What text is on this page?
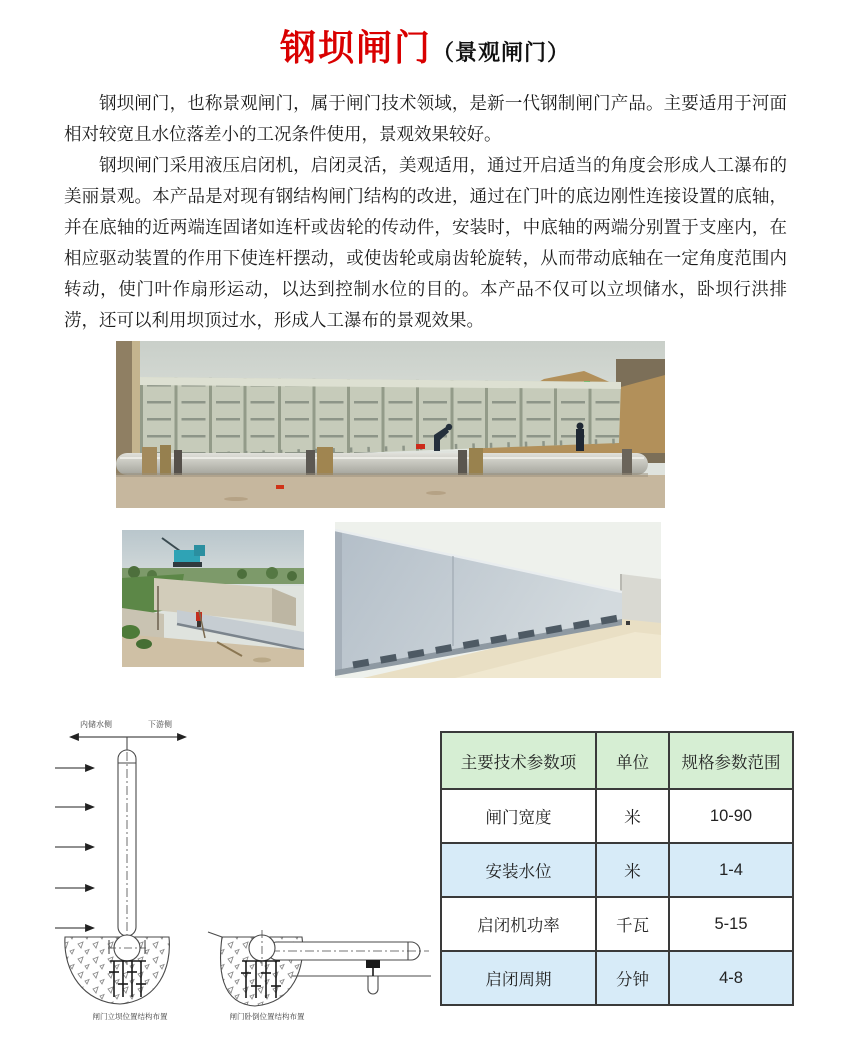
钢坝闸门（景观闸门）

钢坝闸门，也称景观闸门，属于闸门技术领域，是新一代钢制闸门产品。主要适用于河面相对较宽且水位落差小的工况条件使用，景观效果较好。

钢坝闸门采用液压启闭机，启闭灵活，美观适用，通过开启适当的角度会形成人工瀑布的美丽景观。本产品是对现有钢结构闸门结构的改进，通过在门叶的底边刚性连接设置的底轴，并在底轴的近两端连固诸如连杆或齿轮的传动件，安装时，中底轴的两端分别置于支座内，在相应驱动装置的作用下使连杆摆动，或使齿轮或扇齿轮旋转，从而带动底轴在一定角度范围内转动，使门叶作扇形运动，以达到控制水位的目的。本产品不仅可以立坝储水，卧坝行洪排涝，还可以利用坝顶过水，形成人工瀑布的景观效果。

内储水侧	下游侧
闸门立坝位置结构布置	闸门卧倒位置结构布置
主要技术参数项	单位	规格参数范围
闸门宽度	米	10-90
安装水位	米	1-4
启闭机功率	千瓦	5-15
启闭周期	分钟	4-8
